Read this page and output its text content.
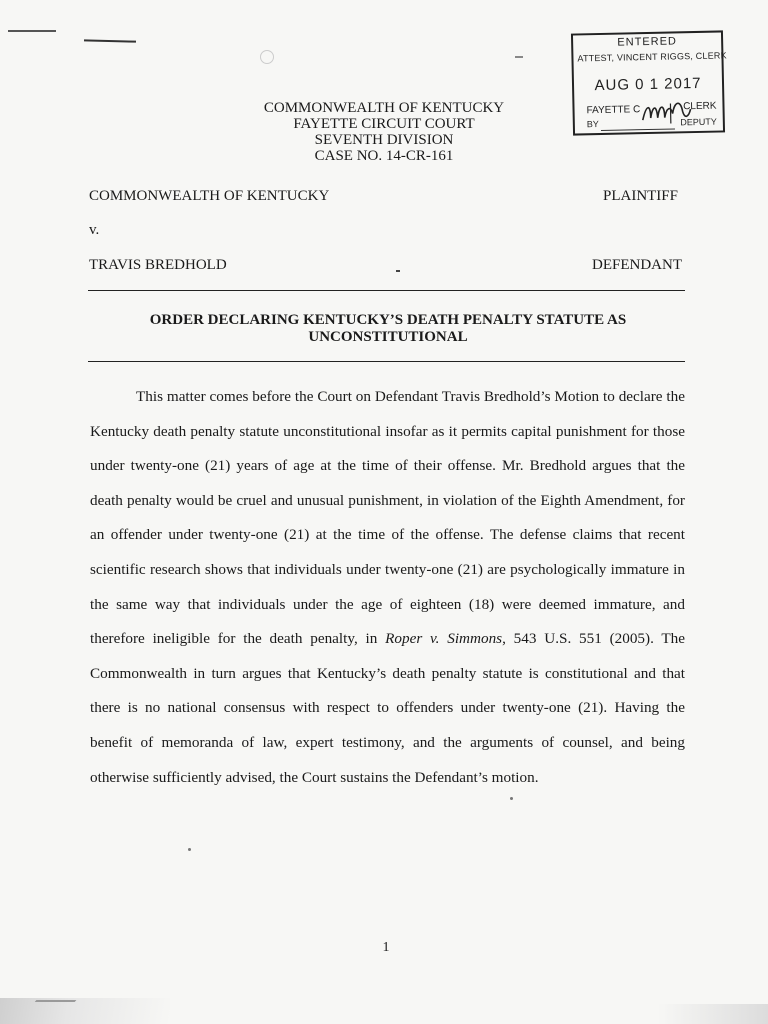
ENTERED
ATTEST, VINCENT RIGGS, CLERK
AUG 0 1 2017
FAYETTE C	CLERK
BY	DEPUTY
COMMONWEALTH OF KENTUCKY
FAYETTE CIRCUIT COURT
SEVENTH DIVISION
CASE NO. 14-CR-161
COMMONWEALTH OF KENTUCKY	PLAINTIFF
v.
TRAVIS BREDHOLD	DEFENDANT
ORDER DECLARING KENTUCKY’S DEATH PENALTY STATUTE AS
UNCONSTITUTIONAL

This matter comes before the Court on Defendant Travis Bredhold’s Motion to declare the Kentucky death penalty statute unconstitutional insofar as it permits capital punishment for those under twenty-one (21) years of age at the time of their offense. Mr. Bredhold argues that the death penalty would be cruel and unusual punishment, in violation of the Eighth Amendment, for an offender under twenty-one (21) at the time of the offense. The defense claims that recent scientific research shows that individuals under twenty-one (21) are psychologically immature in the same way that individuals under the age of eighteen (18) were deemed immature, and therefore ineligible for the death penalty, in Roper v. Simmons, 543 U.S. 551 (2005). The Commonwealth in turn argues that Kentucky’s death penalty statute is constitutional and that there is no national consensus with respect to offenders under twenty-one (21). Having the benefit of memoranda of law, expert testimony, and the arguments of counsel, and being otherwise sufficiently advised, the Court sustains the Defendant’s motion.

1
